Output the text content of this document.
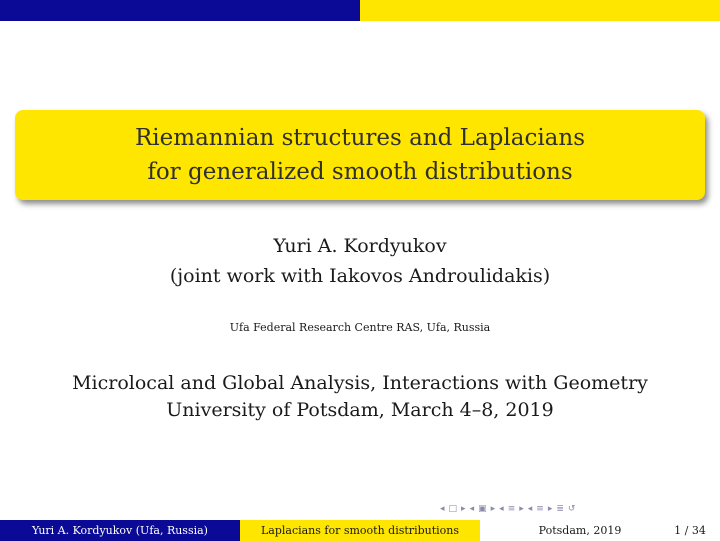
Riemannian structures and Laplacians
for generalized smooth distributions
Yuri A. Kordyukov
(joint work with Iakovos Androulidakis)
Ufa Federal Research Centre RAS, Ufa, Russia
Microlocal and Global Analysis, Interactions with Geometry
University of Potsdam, March 4–8, 2019
◂ □ ▸ ◂ ▣ ▸ ◂ ≡ ▸ ◂ ≡ ▸ ≣ ↺
Yuri A. Kordyukov (Ufa, Russia)	Laplacians for smooth distributions	Potsdam, 2019	1 / 34
